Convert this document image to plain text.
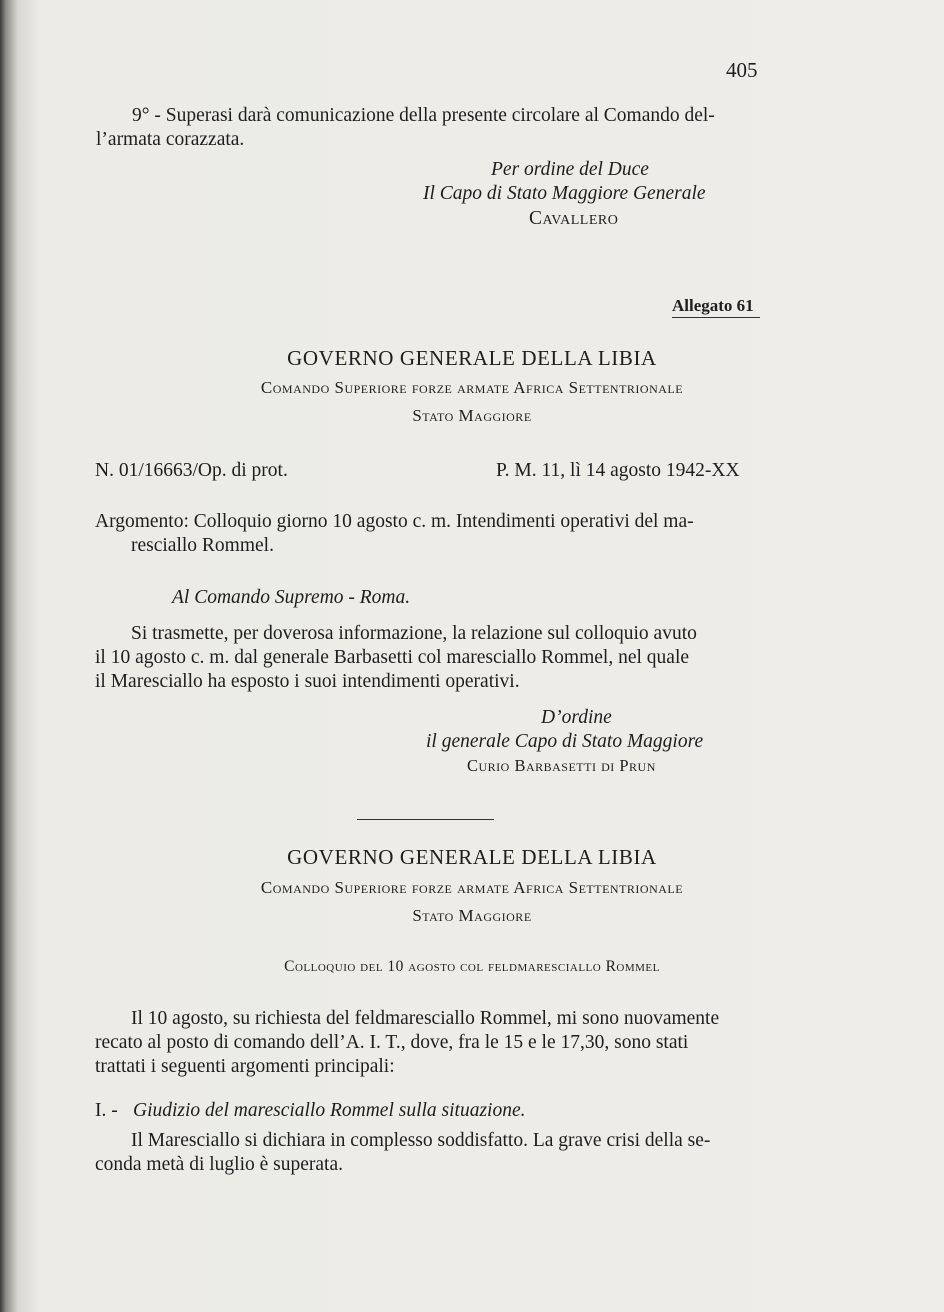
405
9° - Superasi darà comunicazione della presente circolare al Comando del-
l’armata corazzata.
Per ordine del Duce
Il Capo di Stato Maggiore Generale
Cavallero
Allegato 61
GOVERNO GENERALE DELLA LIBIA
Comando Superiore forze armate Africa Settentrionale
Stato Maggiore
N. 01/16663/Op. di prot.	P. M. 11, lì 14 agosto 1942-XX
Argomento: Colloquio giorno 10 agosto c. m. Intendimenti operativi del ma-
resciallo Rommel.
Al Comando Supremo - Roma.
Si trasmette, per doverosa informazione, la relazione sul colloquio avuto
il 10 agosto c. m. dal generale Barbasetti col maresciallo Rommel, nel quale
il Maresciallo ha esposto i suoi intendimenti operativi.
D’ordine
il generale Capo di Stato Maggiore
Curio Barbasetti di Prun
GOVERNO GENERALE DELLA LIBIA
Comando Superiore forze armate Africa Settentrionale
Stato Maggiore
Colloquio del 10 agosto col feldmaresciallo Rommel
Il 10 agosto, su richiesta del feldmaresciallo Rommel, mi sono nuovamente
recato al posto di comando dell’A. I. T., dove, fra le 15 e le 17,30, sono stati
trattati i seguenti argomenti principali:
I. - Giudizio del maresciallo Rommel sulla situazione.
Il Maresciallo si dichiara in complesso soddisfatto. La grave crisi della se-
conda metà di luglio è superata.
